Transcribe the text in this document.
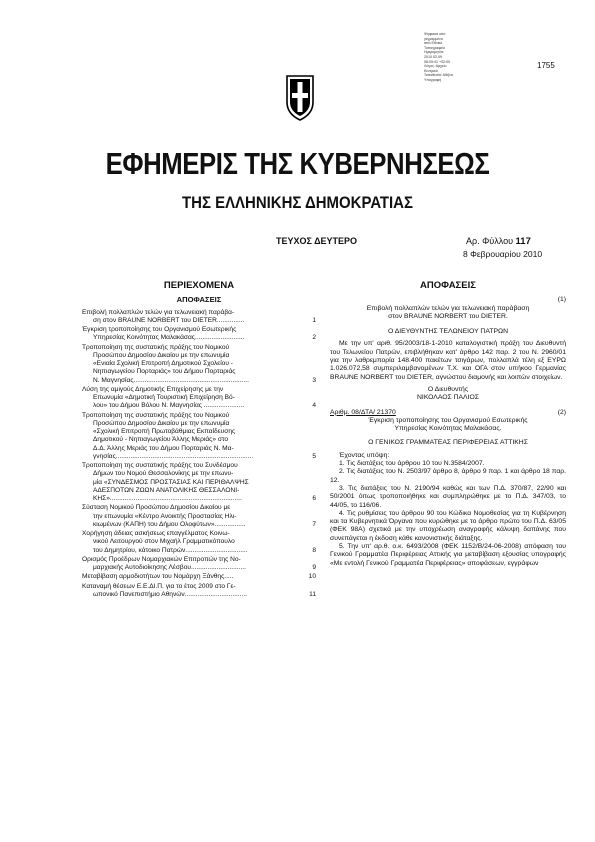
Ψηφιακά υπο
γεγραμμένο
από Εθνικό
Τυπογραφείο
Ημερομηνία:
2010.02.09
08:09:41 +02:00
Λόγος: Αρχείο
Κεντρικό
Τοποθεσία: Αθήνα
Υπογραφή
1755
ΕΦΗΜΕΡΙΣ ΤΗΣ ΚΥΒΕΡΝΗΣΕΩΣ
ΤΗΣ ΕΛΛΗΝΙΚΗΣ ΔΗΜΟΚΡΑΤΙΑΣ
ΤΕΥΧΟΣ ΔΕΥΤΕΡΟ	Αρ. Φύλλου 117
8 Φεβρουαρίου 2010
ΠΕΡΙΕΧΟΜΕΝΑ
ΑΠΟΦΑΣΕΙΣ
Επιβολή πολλαπλών τελών για τελωνειακή παράβα-
ση στον BRAUNE NORBERT του DIETER...............	1
Έγκριση τροποποίησης του Οργανισμού Εσωτερικής
Υπηρεσίας Κοινότητας Μαλακάσας...........................	2
Τροποποίηση της συστατικής πράξης του Νομικού
Προσώπου Δημοσίου Δικαίου με την επωνυμία
«Ενιαία Σχολική Επιτροπή Δημοτικού Σχολείου -
Νηπιαγωγείου Πορταριάς» του Δήμου Πορταριάς
Ν. Μαγνησίας...............................................................	3
Λύση της αμιγούς Δημοτικής Επιχείρησης με την
Επωνυμία «Δημοτική Τουριστική Επιχείρηση Βό-
λου» του Δήμου Βόλου Ν. Μαγνησίας ......................	4
Τροποποίηση της συστατικής πράξης του Νομικού
Προσώπου Δημοσίου Δικαίου με την επωνυμία
«Σχολική Επιτροπή Πρωτοβάθμιας Εκπαίδευσης
Δημοτικού - Νηπιαγωγείου Άλλης Μεριάς» στο
Δ.Δ. Άλλης Μεριάς του Δήμου Πορταριάς Ν. Μα-
γνησίας...........................................................................	5
Τροποποίηση της συστατικής πράξης του Συνδέσμου
Δήμων του Νομού Θεσσαλονίκης με την επωνυ-
μία «ΣΥΝΔΕΣΜΟΣ ΠΡΟΣΤΑΣΙΑΣ ΚΑΙ ΠΕΡΙΘΑΛΨΗΣ
ΑΔΕΣΠΟΤΩΝ ΖΩΩΝ ΑΝΑΤΟΛΙΚΗΣ ΘΕΣΣΑΛΟΝΙ-
ΚΗΣ»........................................................................	6
Σύσταση Νομικού Προσώπου Δημοσίου Δικαίου με
την επωνυμία «Κέντρο Ανοικτής Προστασίας Ηλι-
κιωμένων (ΚΑΠΗ) του Δήμου Ολοφύτων».................	7
Χορήγηση άδειας ασκήσεως επαγγέλματος Κοινω-
νικού Λειτουργού στον Μιχαήλ Γραμματικόπουλο
του Δημητρίου, κάτοικο Πατρών..................................	8
Ορισμός Προέδρων Νομαρχιακών Επιτροπών της Νο-
μαρχιακής Αυτοδιοίκησης Λέσβου..............................	9
Μεταβίβαση αρμοδιοτήτων του Νομάρχη Ξάνθης.....	10
Καταναμή θέσεων Ε.Ε.ΔΙ.Π. για το έτος 2009 στο Γε-
ωπονικό Πανεπιστήμιο Αθηνών..................................	11
ΑΠΟΦΑΣΕΙΣ
(1)
Επιβολή πολλαπλών τελών για τελωνειακή παράβαση
στον BRAUNE NORBERT του DIETER.
Ο ΔΙΕΥΘΥΝΤΗΣ ΤΕΛΩΝΕΙΟΥ ΠΑΤΡΩΝ
Με την υπ' αριθ. 95/2003/18-1-2010 καταλογιστική πράξη του Διευθυντή του Τελωνείου Πατρών, επιβλήθηκαν κατ' άρθρο 142 παρ. 2 του Ν. 2960/01 για την λαθρεμπορία 148.400 πακέτων τσιγάρων, πολλαπλά τέλη εξ ΕΥΡΩ 1.026.072,58 συμπεριλαμβανομένων Τ.Χ. και ΟΓΑ στον υπήκοο Γερμανίας BRAUNE NORBERT του DIETER, αγνώστου διαμονής και λοιπών στοιχείων.
Ο Διευθυντής
ΝΙΚΟΛΑΟΣ ΠΑΛΙΟΣ
Αριθμ. 08/ΔΤΑ/ 21370	(2)
Έγκριση τροποποίησης του Οργανισμού Εσωτερικής
Υπηρεσίας Κοινότητας Μαλακάσας.
Ο ΓΕΝΙΚΟΣ ΓΡΑΜΜΑΤΕΑΣ ΠΕΡΙΦΕΡΕΙΑΣ ΑΤΤΙΚΗΣ
Έχοντας υπόψη:
1. Τις διατάξεις του άρθρου 10 του Ν.3584/2007.
2. Τις διατάξεις του Ν. 2503/97 άρθρο 8, άρθρο 9 παρ. 1 και άρθρο 18 παρ. 12.
3. Τις διατάξεις του Ν. 2190/94 καθώς και των Π.Δ. 370/87, 22/90 και 50/2001 όπως τροποποιήθηκε και συμπληρώθηκε με το Π.Δ. 347/03, το 44/05, το 116/06.
4. Τις ρυθμίσεις του άρθρου 90 του Κώδικα Νομοθεσίας για τη Κυβέρνηση και τα Κυβερνητικά Όργανα που κυρώθηκε με το άρθρο πρώτο του Π.Δ. 63/05 (ΦΕΚ 98Α) σχετικά με την υποχρέωση αναγραφής κάλυψη δαπάνης που συνεπάγεται η έκδοση κάθε κανονιστικής διάταξης.
5. Την υπ' αρ.θ. ο.κ. 6493/2008 (ΦΕΚ 1152/Β/24-06-2008) απόφαση του Γενικού Γραμματέα Περιφέρειας Αττικής για μεταβίβαση εξουσίας υπογραφής «Με εντολή Γενικού Γραμματέα Περιφέρειας» αποφάσεων, εγγράφων
